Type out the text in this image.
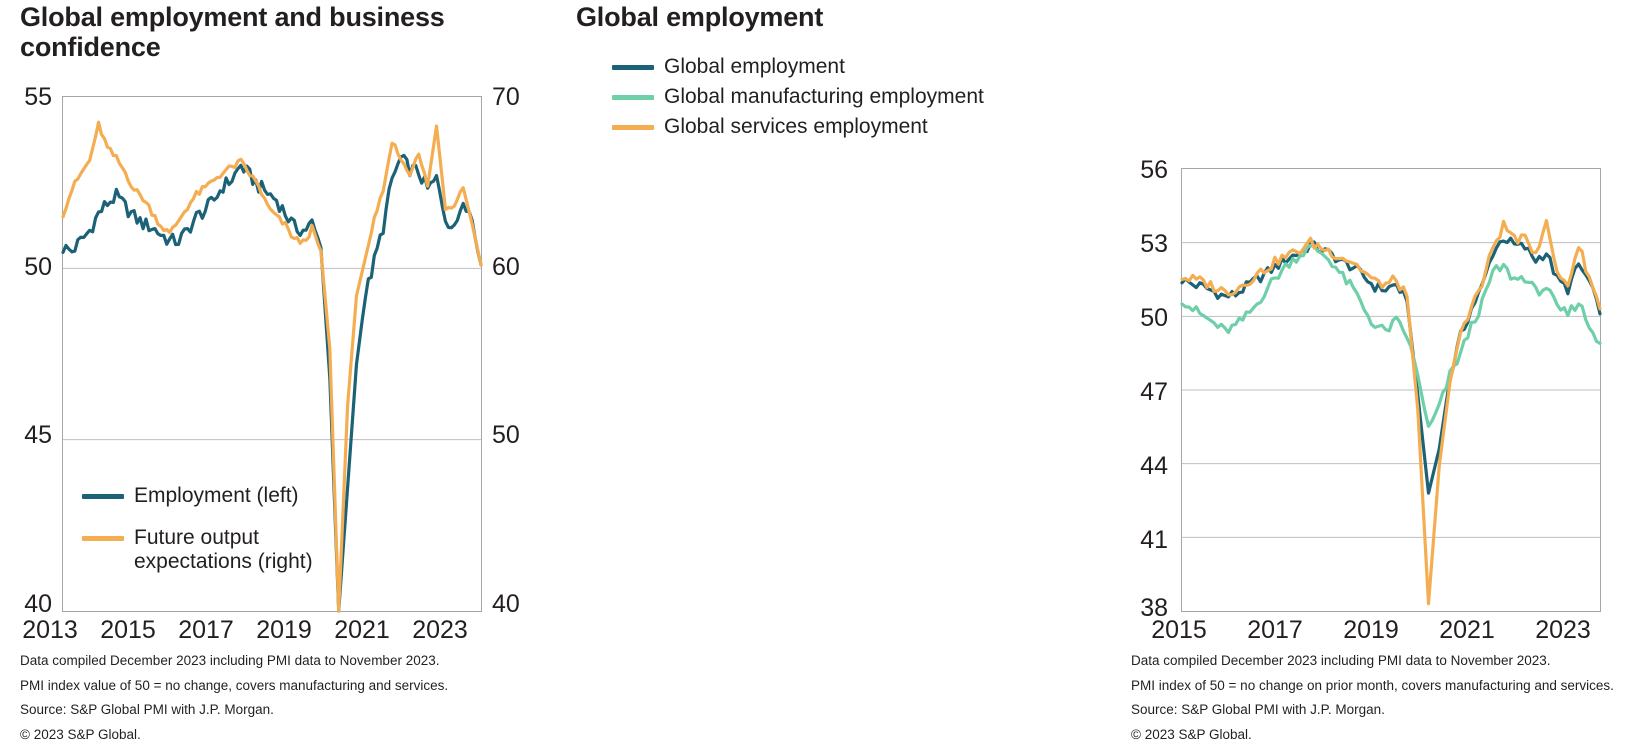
Global employment and business confidence
55
50
45
40
70
60
50
40
Employment (left)
Future output expectations (right)
2013 2015 2017 2019 2021 2023

Data compiled December 2023 including PMI data to November 2023.

PMI index value of 50 = no change, covers manufacturing and services.

Source: S&P Global PMI with J.P. Morgan.

© 2023 S&P Global.

Global employment
Global employment
Global manufacturing employment
Global services employment
56
53
50
47
44
41
38
2015	2017	2019	2021	2023

Data compiled December 2023 including PMI data to November 2023.

PMI index of 50 = no change on prior month, covers manufacturing and services.

Source: S&P Global PMI with J.P. Morgan.

© 2023 S&P Global.
